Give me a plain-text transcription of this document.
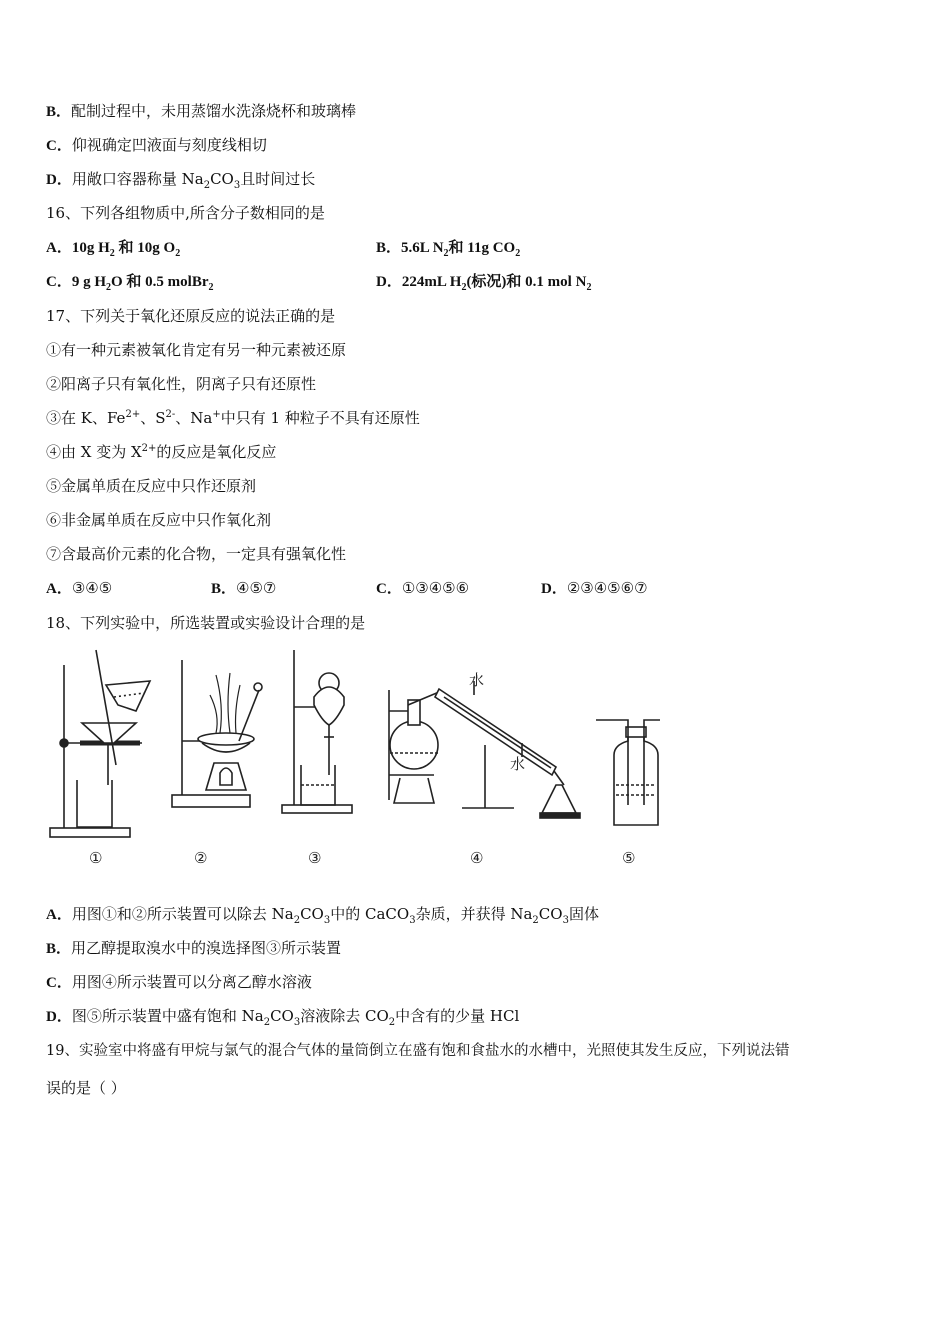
B．配制过程中，未用蒸馏水洗涤烧杯和玻璃棒
C．仰视确定凹液面与刻度线相切
D．用敞口容器称量 $Na_2CO_3$且时间过长
16、下列各组物质中,所含分子数相同的是
A．10g $H_2$ 和 10g $O_2$	B．5.6L $N_2$和 11g $CO_2$
C．9 g $H_2O$ 和 0.5 molBr$_2$	D．224mL $H_2$(标况)和 0.1 mol $N_2$
17、下列关于氧化还原反应的说法正确的是
①有一种元素被氧化肯定有另一种元素被还原
②阳离子只有氧化性，阴离子只有还原性
③在 K、$Fe^{2+}$、$S^{2-}$、Na+中只有 1 种粒子不具有还原性
④由 X 变为 $X^{2+}$的反应是氧化反应
⑤金属单质在反应中只作还原剂
⑥非金属单质在反应中只作氧化剂
⑦含最高价元素的化合物，一定具有强氧化性
A．③④⑤	B．④⑤⑦	C．①③④⑤⑥	D．②③④⑤⑥⑦
18、下列实验中，所选装置或实验设计合理的是
水
水
①	②	③	④	⑤
A．用图①和②所示装置可以除去 $Na_2CO_3$中的 CaCO$_3$杂质，并获得 $Na_2CO_3$固体
B．用乙醇提取溴水中的溴选择图③所示装置
C．用图④所示装置可以分离乙醇水溶液
D．图⑤所示装置中盛有饱和 $Na_2CO_3$溶液除去 $CO_2$中含有的少量 HCl
19、实验室中将盛有甲烷与氯气的混合气体的量筒倒立在盛有饱和食盐水的水槽中，光照使其发生反应，下列说法错
误的是（ ）
